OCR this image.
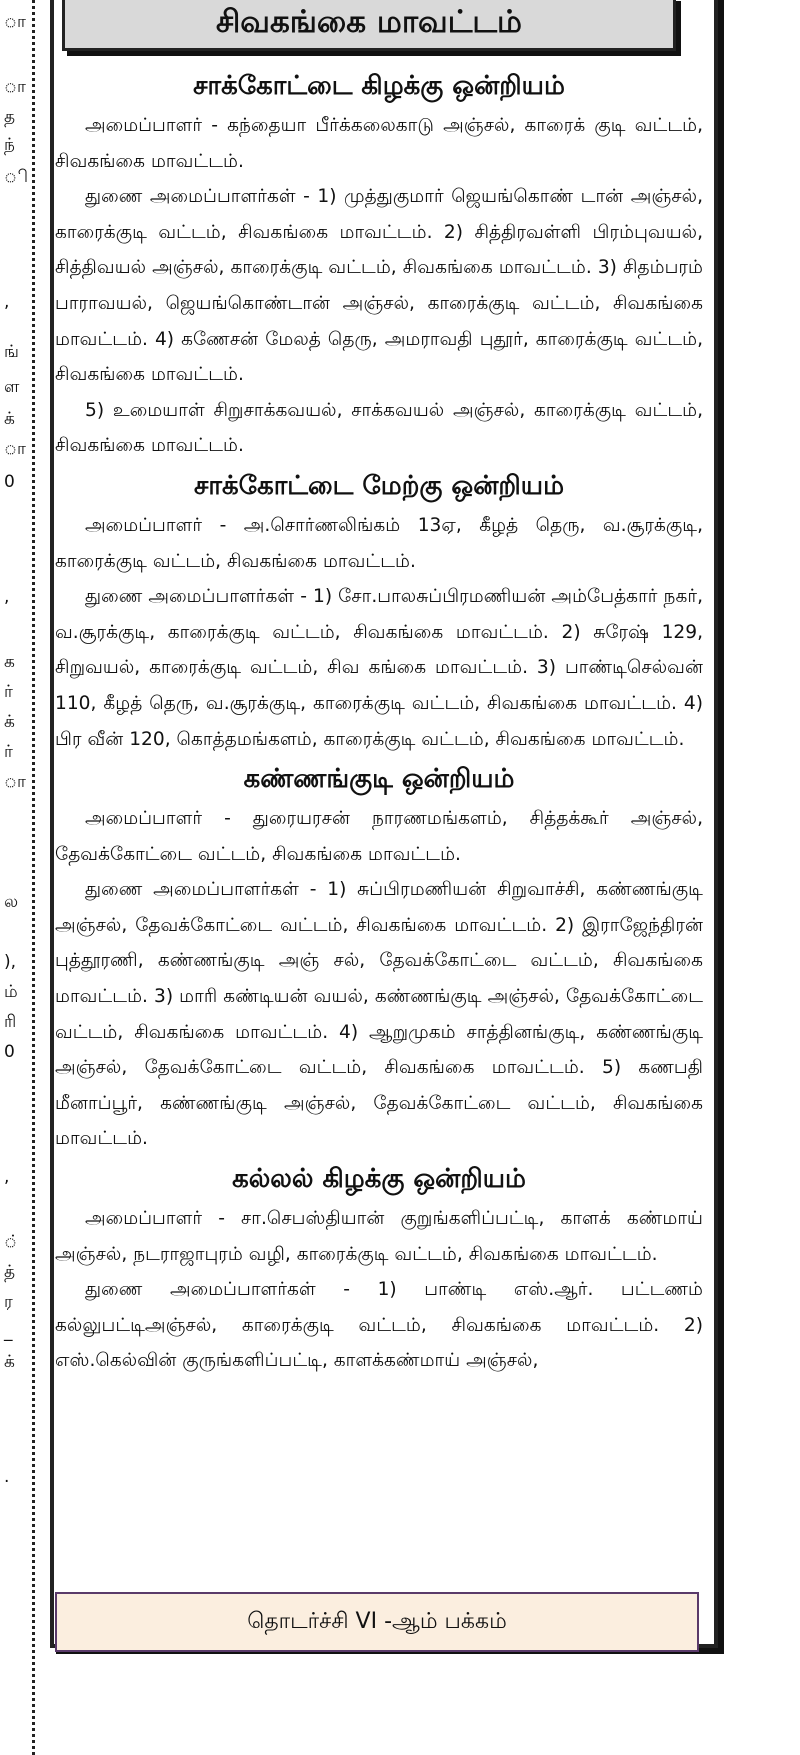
ா
ா
த
ந்
ி
,
ங்
ள
க்
ா
0
,
க
ர்
க்
ர்
ா
ல
),
ம்
ரி
0
,
்
த்
ர
_
க்
.
சிவகங்கை மாவட்டம்
சாக்கோட்டை கிழக்கு ஒன்றியம்

அமைப்பாளர் - கந்தையா பீர்க்கலைகாடு அஞ்சல், காரைக் குடி வட்டம், சிவகங்கை மாவட்டம்.

துணை அமைப்பாளர்கள் - 1) முத்துகுமார் ஜெயங்கொண் டான் அஞ்சல், காரைக்குடி வட்டம், சிவகங்கை மாவட்டம். 2) சித்திரவள்ளி பிரம்புவயல், சித்திவயல் அஞ்சல், காரைக்குடி வட்டம், சிவகங்கை மாவட்டம். 3) சிதம்பரம் பாராவயல், ஜெயங்கொண்டான் அஞ்சல், காரைக்குடி வட்டம், சிவகங்கை மாவட்டம். 4) கணேசன் மேலத் தெரு, அமராவதி புதூர், காரைக்குடி வட்டம், சிவகங்கை மாவட்டம்.

5) உமையாள் சிறுசாக்கவயல், சாக்கவயல் அஞ்சல், காரைக்குடி வட்டம், சிவகங்கை மாவட்டம்.

சாக்கோட்டை மேற்கு ஒன்றியம்

அமைப்பாளர் - அ.சொர்ணலிங்கம் 13ஏ, கீழத் தெரு, வ.சூரக்குடி, காரைக்குடி வட்டம், சிவகங்கை மாவட்டம்.

துணை அமைப்பாளர்கள் - 1) சோ.பாலசுப்பிரமணியன் அம்பேத்கார் நகர், வ.சூரக்குடி, காரைக்குடி வட்டம், சிவகங்கை மாவட்டம். 2) சுரேஷ் 129, சிறுவயல், காரைக்குடி வட்டம், சிவ கங்கை மாவட்டம். 3) பாண்டிசெல்வன் 110, கீழத் தெரு, வ.சூரக்குடி, காரைக்குடி வட்டம், சிவகங்கை மாவட்டம். 4) பிர வீன் 120, கொத்தமங்களம், காரைக்குடி வட்டம், சிவகங்கை மாவட்டம்.

கண்ணங்குடி ஒன்றியம்

அமைப்பாளர் - துரையரசன் நாரணமங்களம், சித்தக்கூர் அஞ்சல், தேவக்கோட்டை வட்டம், சிவகங்கை மாவட்டம்.

துணை அமைப்பாளர்கள் - 1) சுப்பிரமணியன் சிறுவாச்சி, கண்ணங்குடி அஞ்சல், தேவக்கோட்டை வட்டம், சிவகங்கை மாவட்டம். 2) இராஜேந்திரன் புத்தூரணி, கண்ணங்குடி அஞ் சல், தேவக்கோட்டை வட்டம், சிவகங்கை மாவட்டம். 3) மாரி கண்டியன் வயல், கண்ணங்குடி அஞ்சல், தேவக்கோட்டை வட்டம், சிவகங்கை மாவட்டம். 4) ஆறுமுகம் சாத்தினங்குடி, கண்ணங்குடி அஞ்சல், தேவக்கோட்டை வட்டம், சிவகங்கை மாவட்டம். 5) கணபதி மீனாப்பூர், கண்ணங்குடி அஞ்சல், தேவக்கோட்டை வட்டம், சிவகங்கை மாவட்டம்.

கல்லல் கிழக்கு ஒன்றியம்

அமைப்பாளர் - சா.செபஸ்தியான் குறுங்களிப்பட்டி, காளக் கண்மாய் அஞ்சல், நடராஜாபுரம் வழி, காரைக்குடி வட்டம், சிவகங்கை மாவட்டம்.

துணை அமைப்பாளர்கள் - 1) பாண்டி எஸ்.ஆர். பட்டணம் கல்லுபட்டிஅஞ்சல், காரைக்குடி வட்டம், சிவகங்கை மாவட்டம். 2) எஸ்.கெல்வின் குருங்களிப்பட்டி, காளக்கண்மாய் அஞ்சல்,

தொடர்ச்சி VI -ஆம் பக்கம்
